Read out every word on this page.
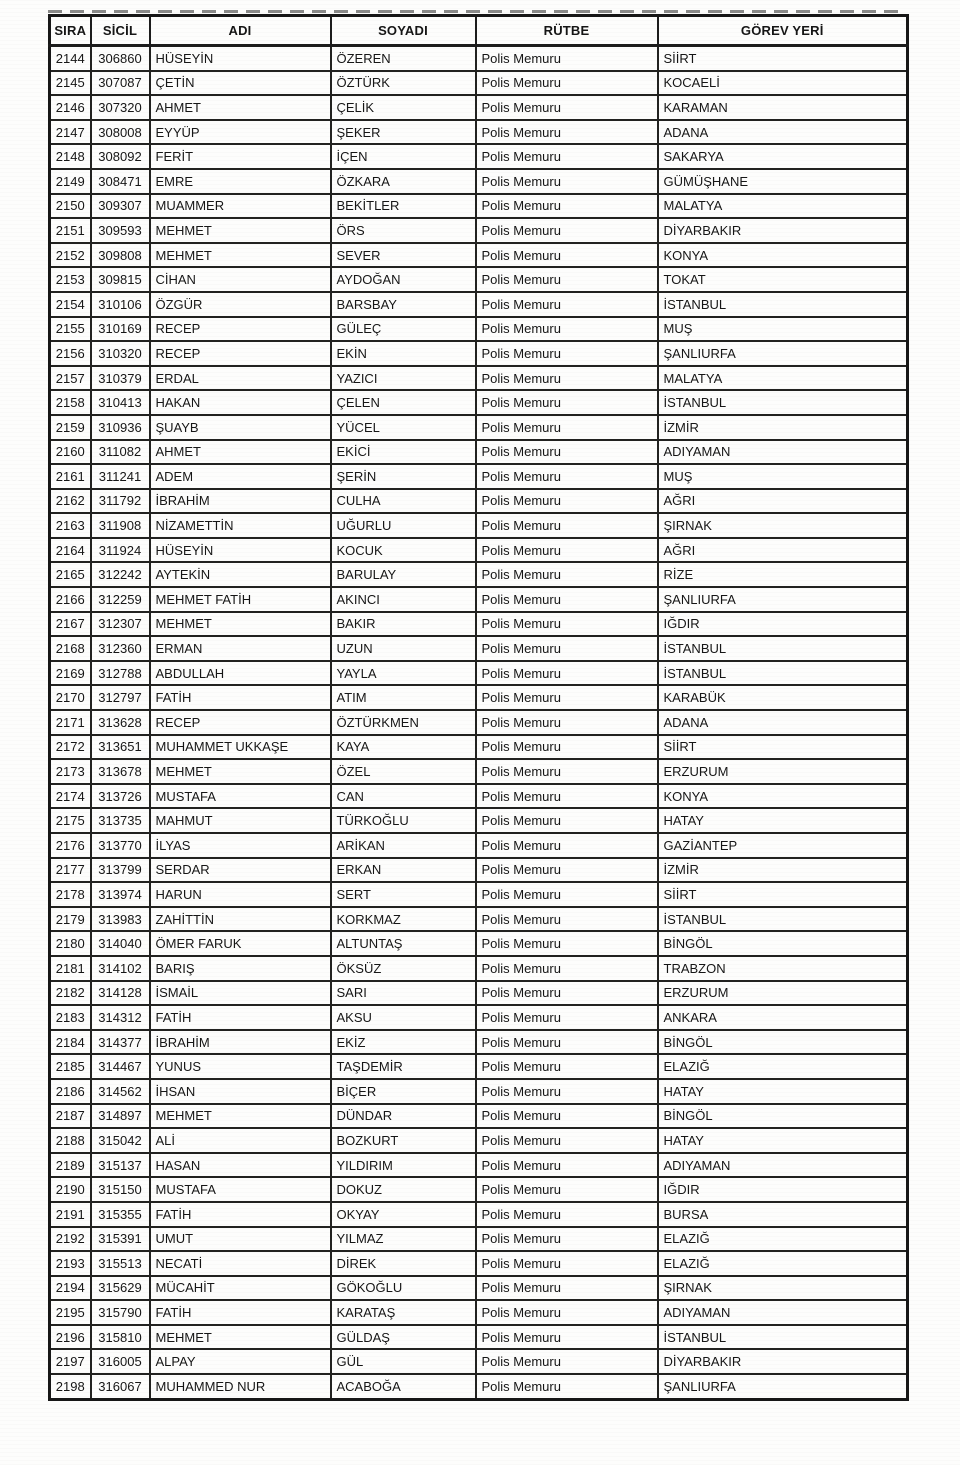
SIRA	SİCİL	ADI	SOYADI	RÜTBE	GÖREV YERİ
2144	306860	HÜSEYİN	ÖZEREN	Polis Memuru	SİİRT
2145	307087	ÇETİN	ÖZTÜRK	Polis Memuru	KOCAELİ
2146	307320	AHMET	ÇELİK	Polis Memuru	KARAMAN
2147	308008	EYYÜP	ŞEKER	Polis Memuru	ADANA
2148	308092	FERİT	İÇEN	Polis Memuru	SAKARYA
2149	308471	EMRE	ÖZKARA	Polis Memuru	GÜMÜŞHANE
2150	309307	MUAMMER	BEKİTLER	Polis Memuru	MALATYA
2151	309593	MEHMET	ÖRS	Polis Memuru	DİYARBAKIR
2152	309808	MEHMET	SEVER	Polis Memuru	KONYA
2153	309815	CİHAN	AYDOĞAN	Polis Memuru	TOKAT
2154	310106	ÖZGÜR	BARSBAY	Polis Memuru	İSTANBUL
2155	310169	RECEP	GÜLEÇ	Polis Memuru	MUŞ
2156	310320	RECEP	EKİN	Polis Memuru	ŞANLIURFA
2157	310379	ERDAL	YAZICI	Polis Memuru	MALATYA
2158	310413	HAKAN	ÇELEN	Polis Memuru	İSTANBUL
2159	310936	ŞUAYB	YÜCEL	Polis Memuru	İZMİR
2160	311082	AHMET	EKİCİ	Polis Memuru	ADIYAMAN
2161	311241	ADEM	ŞERİN	Polis Memuru	MUŞ
2162	311792	İBRAHİM	CULHA	Polis Memuru	AĞRI
2163	311908	NİZAMETTİN	UĞURLU	Polis Memuru	ŞIRNAK
2164	311924	HÜSEYİN	KOCUK	Polis Memuru	AĞRI
2165	312242	AYTEKİN	BARULAY	Polis Memuru	RİZE
2166	312259	MEHMET FATİH	AKINCI	Polis Memuru	ŞANLIURFA
2167	312307	MEHMET	BAKIR	Polis Memuru	IĞDIR
2168	312360	ERMAN	UZUN	Polis Memuru	İSTANBUL
2169	312788	ABDULLAH	YAYLA	Polis Memuru	İSTANBUL
2170	312797	FATİH	ATIM	Polis Memuru	KARABÜK
2171	313628	RECEP	ÖZTÜRKMEN	Polis Memuru	ADANA
2172	313651	MUHAMMET UKKAŞE	KAYA	Polis Memuru	SİİRT
2173	313678	MEHMET	ÖZEL	Polis Memuru	ERZURUM
2174	313726	MUSTAFA	CAN	Polis Memuru	KONYA
2175	313735	MAHMUT	TÜRKOĞLU	Polis Memuru	HATAY
2176	313770	İLYAS	ARİKAN	Polis Memuru	GAZİANTEP
2177	313799	SERDAR	ERKAN	Polis Memuru	İZMİR
2178	313974	HARUN	SERT	Polis Memuru	SİİRT
2179	313983	ZAHİTTİN	KORKMAZ	Polis Memuru	İSTANBUL
2180	314040	ÖMER FARUK	ALTUNTAŞ	Polis Memuru	BİNGÖL
2181	314102	BARIŞ	ÖKSÜZ	Polis Memuru	TRABZON
2182	314128	İSMAİL	SARI	Polis Memuru	ERZURUM
2183	314312	FATİH	AKSU	Polis Memuru	ANKARA
2184	314377	İBRAHİM	EKİZ	Polis Memuru	BİNGÖL
2185	314467	YUNUS	TAŞDEMİR	Polis Memuru	ELAZIĞ
2186	314562	İHSAN	BİÇER	Polis Memuru	HATAY
2187	314897	MEHMET	DÜNDAR	Polis Memuru	BİNGÖL
2188	315042	ALİ	BOZKURT	Polis Memuru	HATAY
2189	315137	HASAN	YILDIRIM	Polis Memuru	ADIYAMAN
2190	315150	MUSTAFA	DOKUZ	Polis Memuru	IĞDIR
2191	315355	FATİH	OKYAY	Polis Memuru	BURSA
2192	315391	UMUT	YILMAZ	Polis Memuru	ELAZIĞ
2193	315513	NECATİ	DİREK	Polis Memuru	ELAZIĞ
2194	315629	MÜCAHİT	GÖKOĞLU	Polis Memuru	ŞIRNAK
2195	315790	FATİH	KARATAŞ	Polis Memuru	ADIYAMAN
2196	315810	MEHMET	GÜLDAŞ	Polis Memuru	İSTANBUL
2197	316005	ALPAY	GÜL	Polis Memuru	DİYARBAKIR
2198	316067	MUHAMMED NUR	ACABOĞA	Polis Memuru	ŞANLIURFA
